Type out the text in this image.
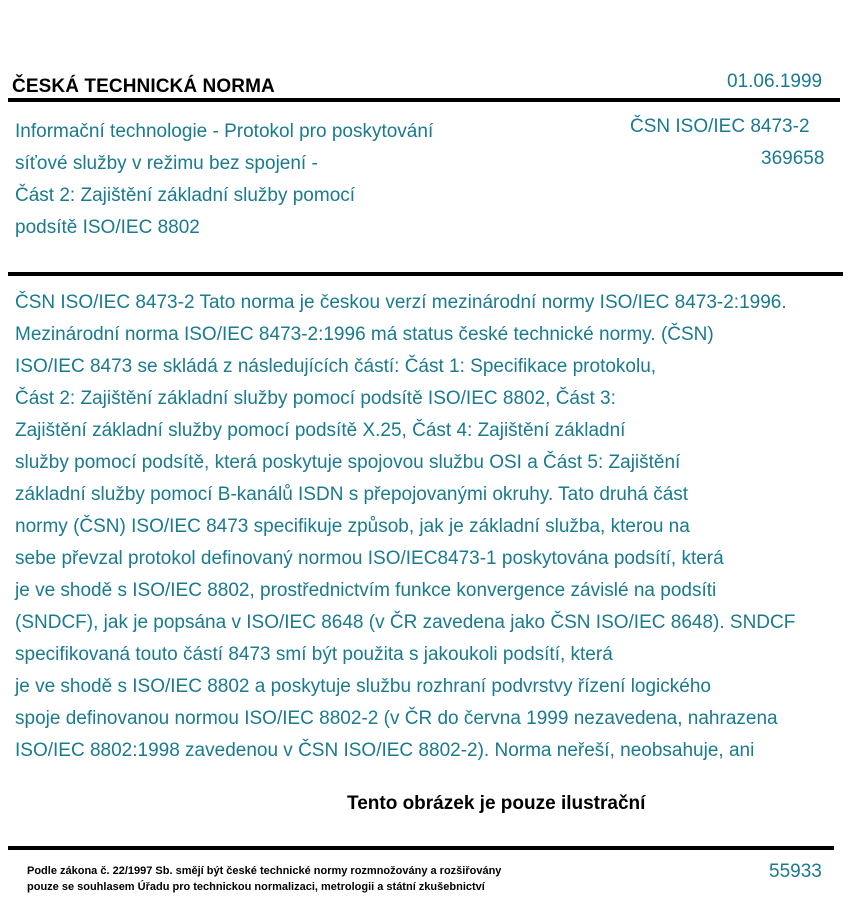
ČESKÁ TECHNICKÁ NORMA	01.06.1999
Informační technologie - Protokol pro poskytování
síťové služby v režimu bez spojení -
Část 2: Zajištění základní služby pomocí
podsítě ISO/IEC 8802
ČSN ISO/IEC 8473-2
369658
ČSN ISO/IEC 8473-2 Tato norma je českou verzí mezinárodní normy ISO/IEC 8473-2:1996.
Mezinárodní norma ISO/IEC 8473-2:1996 má status české technické normy. (ČSN)
ISO/IEC 8473 se skládá z následujících částí: Část 1: Specifikace protokolu,
Část 2: Zajištění základní služby pomocí podsítě ISO/IEC 8802, Část 3:
Zajištění základní služby pomocí podsítě X.25, Část 4: Zajištění základní
služby pomocí podsítě, která poskytuje spojovou službu OSI a Část 5: Zajištění
základní služby pomocí B-kanálů ISDN s přepojovanými okruhy. Tato druhá část
normy (ČSN) ISO/IEC 8473 specifikuje způsob, jak je základní služba, kterou na
sebe převzal protokol definovaný normou ISO/IEC8473-1 poskytována podsítí, která
je ve shodě s ISO/IEC 8802, prostřednictvím funkce konvergence závislé na podsíti
(SNDCF), jak je popsána v ISO/IEC 8648 (v ČR zavedena jako ČSN ISO/IEC 8648). SNDCF
specifikovaná touto částí 8473 smí být použita s jakoukoli podsítí, která
je ve shodě s ISO/IEC 8802 a poskytuje službu rozhraní podvrstvy řízení logického
spoje definovanou normou ISO/IEC 8802-2 (v ČR do června 1999 nezavedena, nahrazena
ISO/IEC 8802:1998 zavedenou v ČSN ISO/IEC 8802-2). Norma neřeší, neobsahuje, ani
Tento obrázek je pouze ilustrační
Podle zákona č. 22/1997 Sb. smějí být české technické normy rozmnožovány a rozšiřovány
pouze se souhlasem Úřadu pro technickou normalizaci, metrologii a státní zkušebnictví
55933
